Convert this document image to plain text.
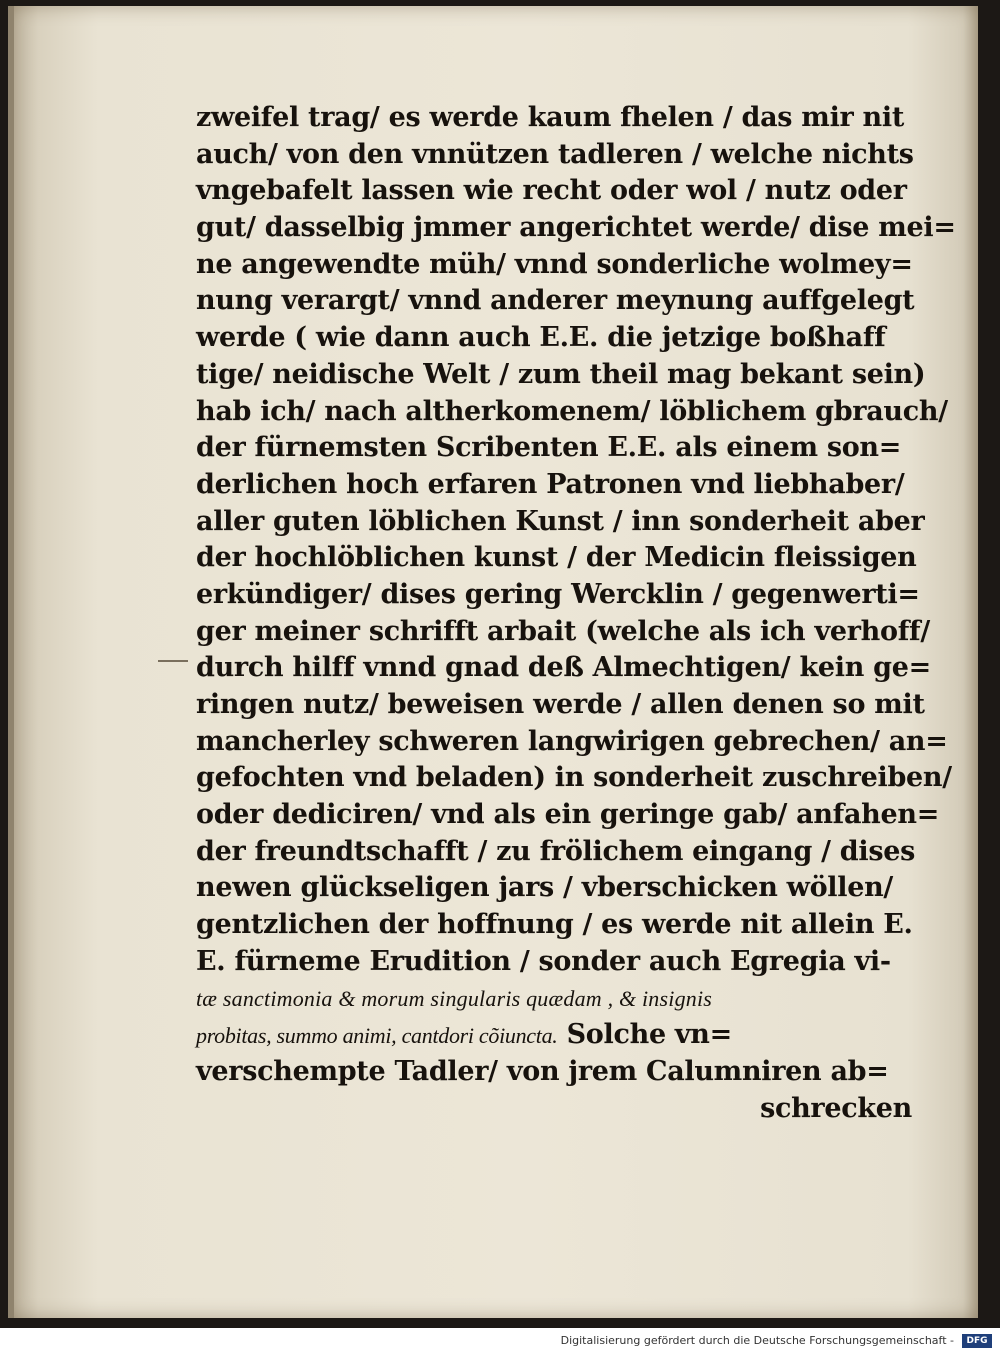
zweifel trag/ es werde kaum fhelen / das mir nit
auch/ von den vnnützen tadleren / welche nichts
vngebafelt lassen wie recht oder wol / nutz oder
gut/ dasselbig jmmer angerichtet werde/ dise mei=
ne angewendte müh/ vnnd sonderliche wolmey=
nung verargt/ vnnd anderer meynung auffgelegt
werde ( wie dann auch E.E. die jetzige boßhaff
tige/ neidische Welt / zum theil mag bekant sein)
hab ich/ nach altherkomenem/ löblichem gbrauch/
der fürnemsten Scribenten E.E. als einem son=
derlichen hoch erfaren Patronen vnd liebhaber/
aller guten löblichen Kunst / inn sonderheit aber
der hochlöblichen kunst / der Medicin fleissigen
erkündiger/ dises gering Wercklin / gegenwerti=
ger meiner schrifft arbait (welche als ich verhoff/
durch hilff vnnd gnad deß Almechtigen/ kein ge=
ringen nutz/ beweisen werde / allen denen so mit
mancherley schweren langwirigen gebrechen/ an=
gefochten vnd beladen) in sonderheit zuschreiben/
oder dediciren/ vnd als ein geringe gab/ anfahen=
der freundtschafft / zu frölichem eingang / dises
newen glückseligen jars / vberschicken wöllen/
gentzlichen der hoffnung / es werde nit allein E.
E. fürneme Erudition / sonder auch Egregia vi-
tæ sanctimonia & morum singularis quædam , & insignis
probitas, summo animi, cantdori cõiuncta. Solche vn=
verschempte Tadler/ von jrem Calumniren ab=
schrecken
Digitalisierung gefördert durch die Deutsche Forschungsgemeinschaft -	DFG
